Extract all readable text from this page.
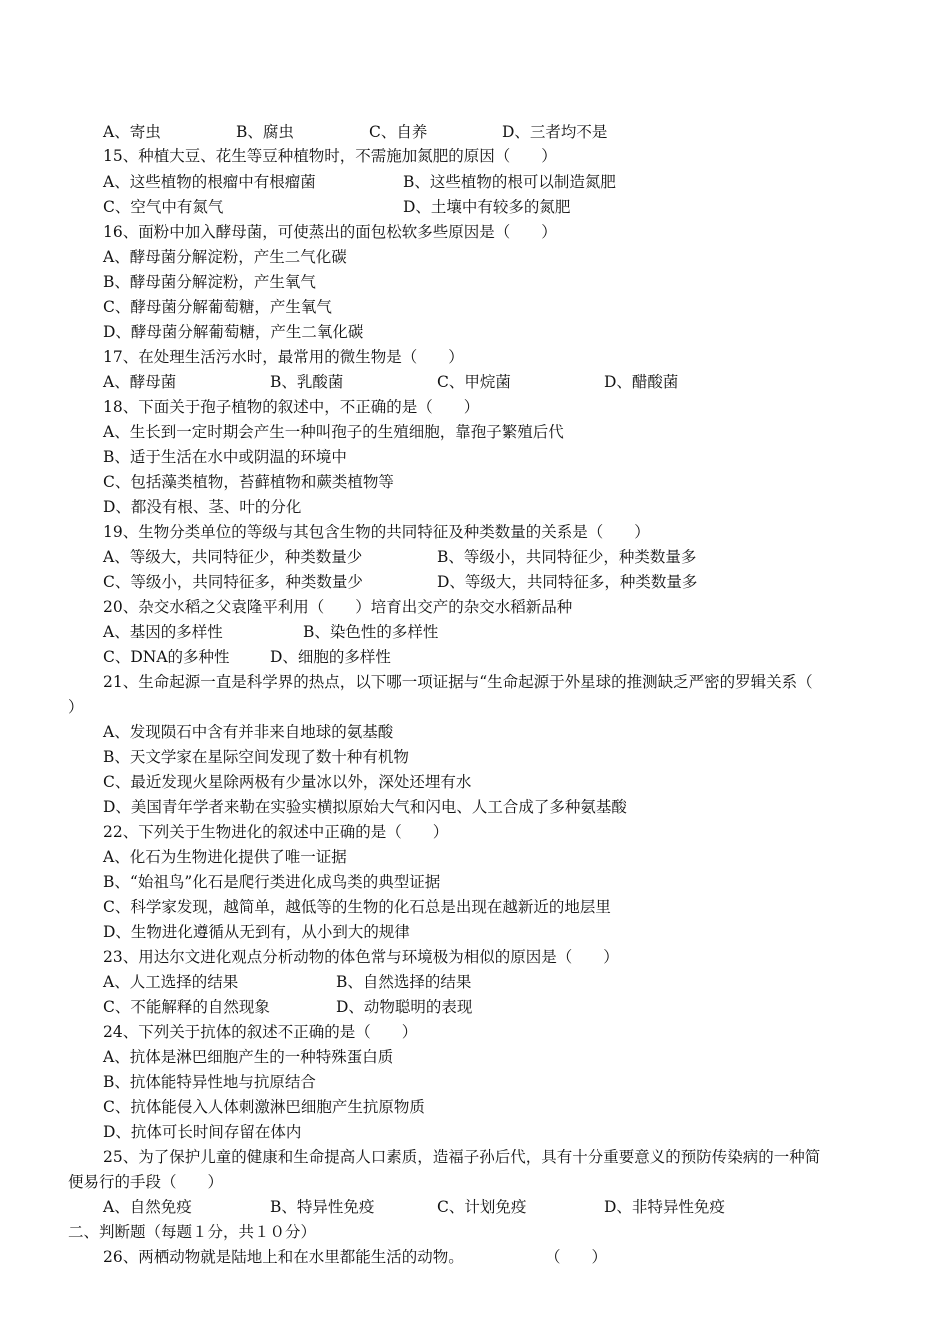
A、寄虫	B、腐虫	C、自养	D、三者均不是
15、种植大豆、花生等豆种植物时，不需施加氮肥的原因（　　）
A、这些植物的根瘤中有根瘤菌	B、这些植物的根可以制造氮肥
C、空气中有氮气	D、土壤中有较多的氮肥
16、面粉中加入酵母菌，可使蒸出的面包松软多些原因是（　　）
A、酵母菌分解淀粉，产生二气化碳
B、酵母菌分解淀粉，产生氧气
C、酵母菌分解葡萄糖，产生氧气
D、酵母菌分解葡萄糖，产生二氧化碳
17、在处理生活污水时，最常用的微生物是（　　）
A、酵母菌	B、乳酸菌	C、甲烷菌	D、醋酸菌
18、下面关于孢子植物的叙述中，不正确的是（　　）
A、生长到一定时期会产生一种叫孢子的生殖细胞，靠孢子繁殖后代
B、适于生活在水中或阴温的环境中
C、包括藻类植物，苔藓植物和蕨类植物等
D、都没有根、茎、叶的分化
19、生物分类单位的等级与其包含生物的共同特征及种类数量的关系是（　　）
A、等级大，共同特征少，种类数量少	B、等级小，共同特征少，种类数量多
C、等级小，共同特征多，种类数量少	D、等级大，共同特征多，种类数量多
20、杂交水稻之父袁隆平利用（　　）培育出交产的杂交水稻新品种
A、基因的多样性	B、染色性的多样性
C、DNA的多种性	D、细胞的多样性
21、生命起源一直是科学界的热点，以下哪一项证据与“生命起源于外星球的推测缺乏严密的罗辑关系（
）
A、发现陨石中含有并非来自地球的氨基酸
B、天文学家在星际空间发现了数十种有机物
C、最近发现火星除两极有少量冰以外，深处还埋有水
D、美国青年学者来勒在实验实横拟原始大气和闪电、人工合成了多种氨基酸
22、下列关于生物进化的叙述中正确的是（　　）
A、化石为生物进化提供了唯一证据
B、“始祖鸟”化石是爬行类进化成鸟类的典型证据
C、科学家发现，越简单，越低等的生物的化石总是出现在越新近的地层里
D、生物进化遵循从无到有，从小到大的规律
23、用达尔文进化观点分析动物的体色常与环境极为相似的原因是（　　）
A、人工选择的结果	B、自然选择的结果
C、不能解释的自然现象	D、动物聪明的表现
24、下列关于抗体的叙述不正确的是（　　）
A、抗体是淋巴细胞产生的一种特殊蛋白质
B、抗体能特异性地与抗原结合
C、抗体能侵入人体刺激淋巴细胞产生抗原物质
D、抗体可长时间存留在体内
25、为了保护儿童的健康和生命提高人口素质，造福子孙后代，具有十分重要意义的预防传染病的一种简
便易行的手段（　　）
A、自然免疫	B、特异性免疫	C、计划免疫	D、非特异性免疫
二、判断题（每题１分，共１０分）
26、两栖动物就是陆地上和在水里都能生活的动物。	（　　）
